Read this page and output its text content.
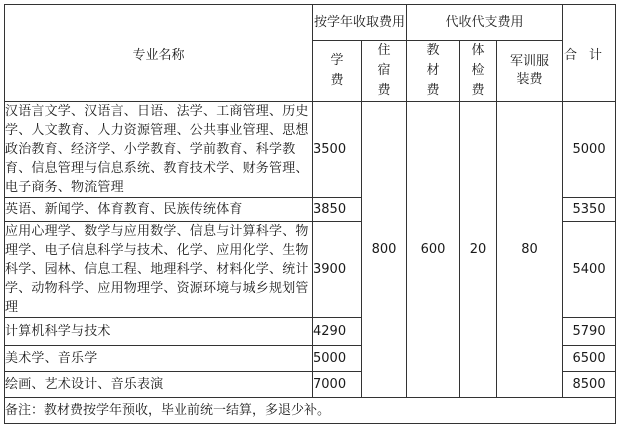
专业名称	按学年收取费用		代收代支费用			合计
	学费	住宿费	教材费	体检费	军训服装费	
汉语言文学、汉语言、日语、法学、工商管理、历史学、人文教育、人力资源管理、公共事业管理、思想政治教育、经济学、小学教育、学前教育、科学教育、信息管理与信息系统、教育技术学、财务管理、电子商务、物流管理	3500	800	600	20	80	5000
英语、新闻学、体育教育、民族传统体育	3850					5350
应用心理学、数学与应用数学、信息与计算科学、物理学、电子信息科学与技术、化学、应用化学、生物科学、园林、信息工程、地理科学、材料化学、统计学、动物科学、应用物理学、资源环境与城乡规划管理	3900					5400
计算机科学与技术	4290					5790
美术学、音乐学	5000					6500
绘画、艺术设计、音乐表演	7000					8500
备注：教材费按学年预收，毕业前统一结算，多退少补。						
